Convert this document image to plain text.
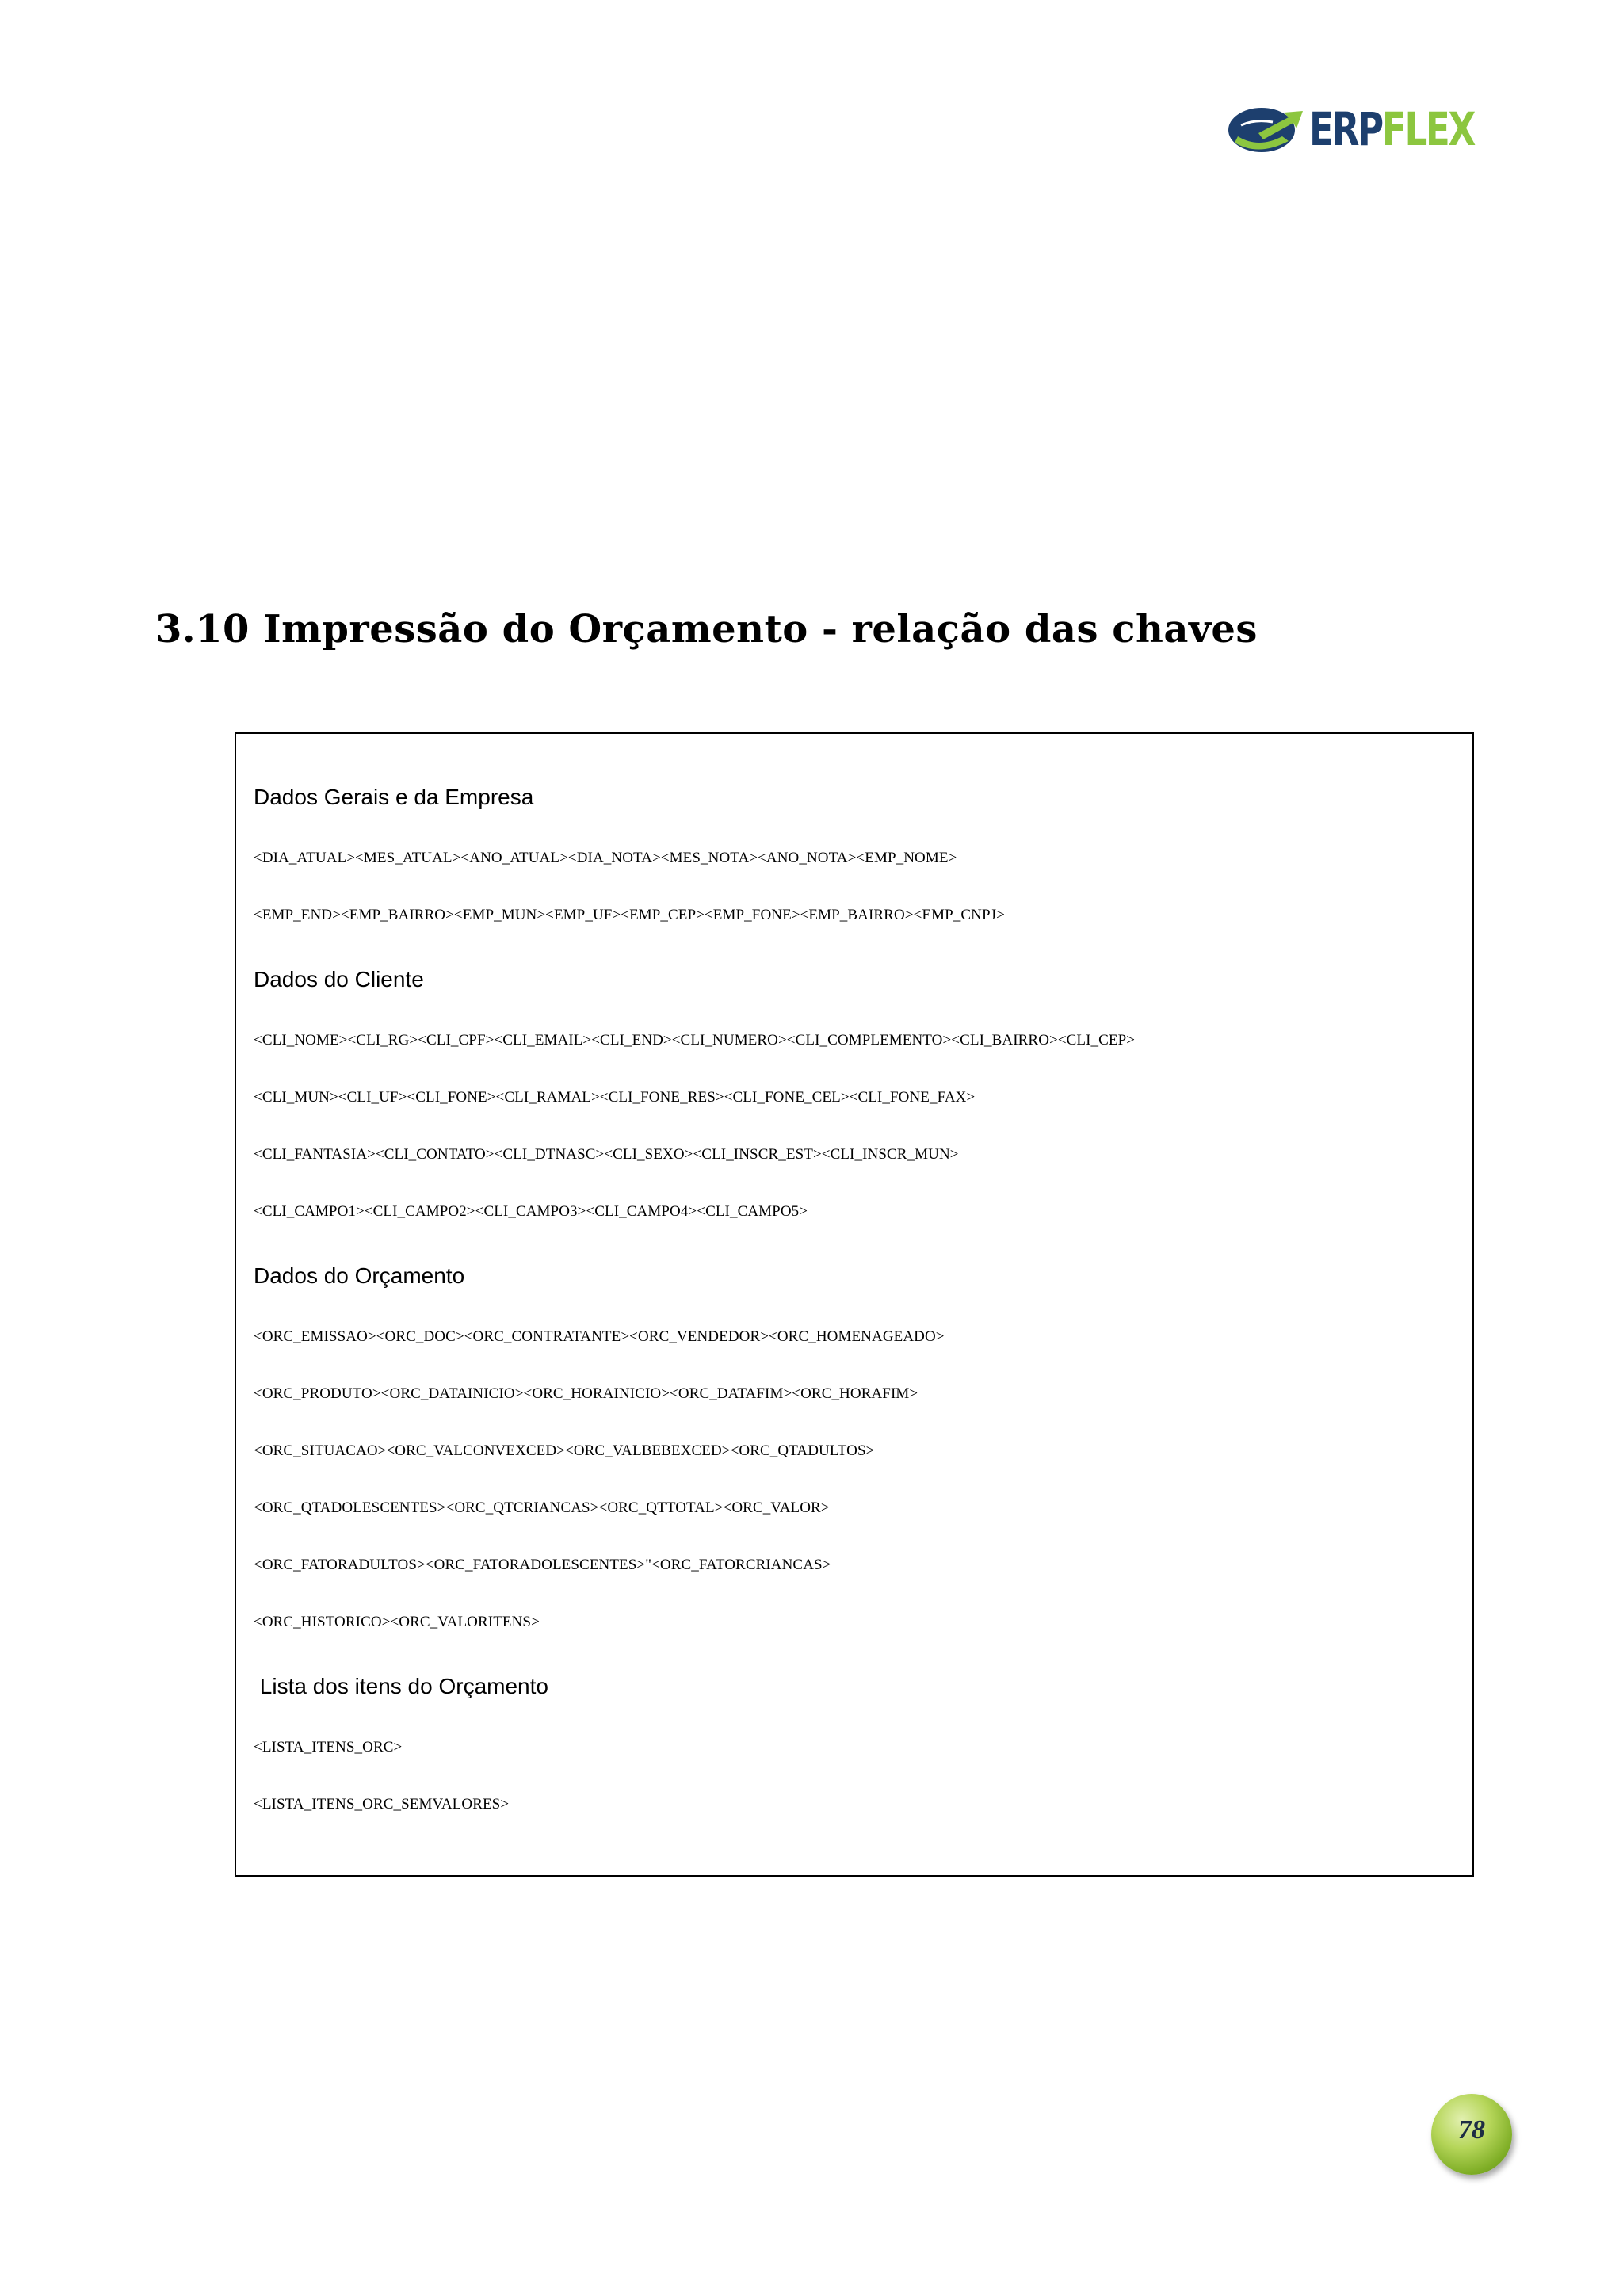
ERPFLEX
3.10 Impressão do Orçamento - relação das chaves
Dados Gerais e da Empresa
<DIA_ATUAL><MES_ATUAL><ANO_ATUAL><DIA_NOTA><MES_NOTA><ANO_NOTA><EMP_NOME>
<EMP_END><EMP_BAIRRO><EMP_MUN><EMP_UF><EMP_CEP><EMP_FONE><EMP_BAIRRO><EMP_CNPJ>
Dados do Cliente
<CLI_NOME><CLI_RG><CLI_CPF><CLI_EMAIL><CLI_END><CLI_NUMERO><CLI_COMPLEMENTO><CLI_BAIRRO><CLI_CEP>
<CLI_MUN><CLI_UF><CLI_FONE><CLI_RAMAL><CLI_FONE_RES><CLI_FONE_CEL><CLI_FONE_FAX>
<CLI_FANTASIA><CLI_CONTATO><CLI_DTNASC><CLI_SEXO><CLI_INSCR_EST><CLI_INSCR_MUN>
<CLI_CAMPO1><CLI_CAMPO2><CLI_CAMPO3><CLI_CAMPO4><CLI_CAMPO5>
Dados do Orçamento
<ORC_EMISSAO><ORC_DOC><ORC_CONTRATANTE><ORC_VENDEDOR><ORC_HOMENAGEADO>
<ORC_PRODUTO><ORC_DATAINICIO><ORC_HORAINICIO><ORC_DATAFIM><ORC_HORAFIM>
<ORC_SITUACAO><ORC_VALCONVEXCED><ORC_VALBEBEXCED><ORC_QTADULTOS>
<ORC_QTADOLESCENTES><ORC_QTCRIANCAS><ORC_QTTOTAL><ORC_VALOR>
<ORC_FATORADULTOS><ORC_FATORADOLESCENTES>"<ORC_FATORCRIANCAS>
<ORC_HISTORICO><ORC_VALORITENS>
Lista dos itens do Orçamento
<LISTA_ITENS_ORC>
<LISTA_ITENS_ORC_SEMVALORES>
78
